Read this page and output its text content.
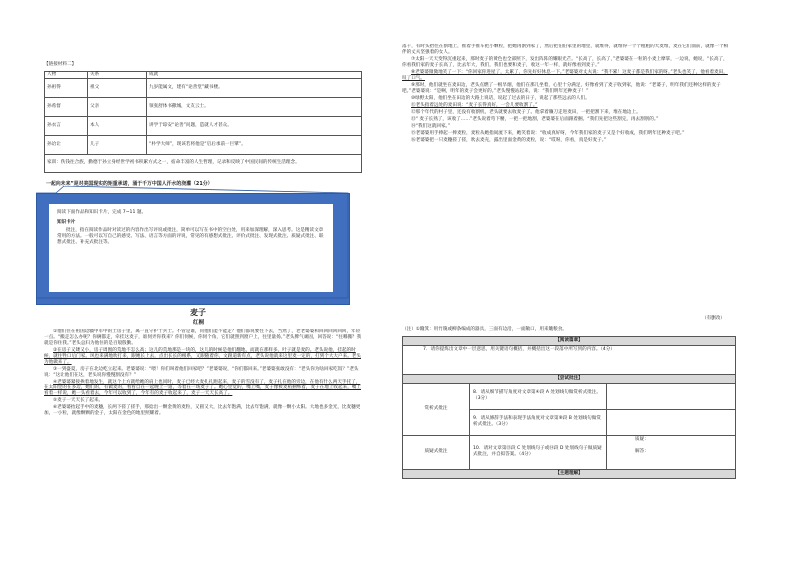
【链接材料二】
人物	关系	成就
孙祖得	祖父	九岁能属文，建有“论善堂”藏书楼。
孙希督	父亲	领张舒体书撒城，文友云士。
孙衣言	本人	讲学于琼安“论善”问题，造就人才甚众。
孙诒让	儿子	“朴学大师”，现该若将他是“启后承前一巨擘”。
家训：佚钱往合族，勤德于孙立身经世学初书积累方式之一，宿命丰富的人生哲理，记录和反映了中国民间的传统生活理念。		
一起向未来”是对美国现实的矩重承诺，涌于千万中国人汗水的浇灌（21分）

阅读下面作品和知识卡片，完成 7~11 题。

知识卡片

批注，指在阅读作品时对读过的内容作出写评说或批注，简单可以写在书中的空白处，用来加深理解，深入思考。这是精读文章常用的方法。一般可以写自己的感受、写法、语言等方面的评说，常见的有感想式批注、评价式批注、发现式批注、质疑式批注、联想式批注、补充式批注等。

麦子
红桐

①他们住在祖国边疆甲军中的土房子里，离一直守护于兵士。不管是谁，问他们能不能走？他们都说要往下去，当然了，老老婆婆和回回回回回回，年轻一点。“搬走怎么办呢？你俩都走，牵挂这麦子，谁伺弄你我来？你们伺候，你伺个角，它们就照到窗户上，往里量扬。”老头脾气顽固，回答说：“往哪搬？我就是你住我。”老头总归为他住的是百般殷勤。

②在房子又矮又小，房子周围的荒地不怎么高；这儿的荒地那是一块的，这儿的时候是他们翻地，而就在那样多。叶子就是麦的。老头说他，挂起的时候，就往牲口后门家。风也来满地吹打来，跟她长上去，点出长长的根系，又跟随着你，文跟道新有点，老头说他就来这里麦一定的，打到个大大户来。老头为他做来了。

③一到盛夏，房子在北边屹立起来。老婆婆说：“喂！你们叫着他们回家吧？”老婆婆说，“你们都回来。”老婆婆张敢没有：“老头你为啥回家吃饭？”老头说：“这让他们在这，老头说你慢慢割没有？”

④老婆婆紧接挨着地发生，就这个上方就给她的肩上也同时，麦子已经大麦扎扎跑起来，麦子的雪没有了，麦子扎在他的旁边，在他有什么两天手托了，在太阳里的在多边，她们的，有做麦的，看看自在一起晚上一道，等着在一场麦子了。她心里觉的，嘴上嘴，麦子像被麦稻捆绑着，麦子在地上收起来，嘴上看着一样说，她一头看着去，今年可以收到了，今年有的麦子收起来了，麦子一天天长高了。

⑤麦子一天天长了起来。

⑥老婆婆抬起手中的麦穗，长两下搓了搓手，那捻出一颗金黄的麦粒，又圆又大，比去年饱满，比去年饱满，就像一颗小太阳。大地也多金光，比麦穗更加，一小粒，就像颗颗的金子，太阳在金色的地里照耀着。

落干，有时头抬往在割地上，推着手推车把小颗粒，把她再割到家了，然后把伯伯家里的地里，就堆得，就堆得一个个粗粗的大麦堆，麦在它们面前，就像一个相伴的丈夫坚强着的女人。

⑦太阳一天天变得沉重起来，那时麦子的黄色也全部照下，发出阵阵的耀眼光芒。“长高了，长高了，”老婆婆在一粒的小麦上摩挲，一边说，她说，“长高了，你看我们家的麦子长高了，比去年大，我们，我们也要和麦子，收这一年一样，就好像看到麦子。”

⑧老婆婆微微地笑了一下：“你回家你进屋了，太累了，你先好好休息一下。”老婆婆对丈夫说：“我不累！这麦子都是我们家的呀。”老头也笑了，他看着麦田，叹了口气。

⑨那时，他们就坐在麦田边，老头点燃了一根旱烟，他们在那儿坐着，心里十分满足，好像看到了麦子收到家，他说：“老婆子，明年我们还种这样的麦子吧。”老婆婆说：“是啊，明年的麦子会更好的。”老头慢慢站起来，说：“我们明年还种麦子！”

⑩绿野太阳，他们坐在田边的大路上说话，说起了过去的日子，说起了那些远去的人们。

⑪老头指着远处的麦田说：“麦子长得真好，一会儿要收割了。”

⑫那个年代的村子里，还没有收割机，老头就要去收麦子了。他拿着镰刀走进麦田，一把把割下来，堆在地边上。

⑬“ 麦子长熟了，该收了……”老头说着弯下腰，一把一把地割，老婆婆在后面跟着捆。“我们先把这些割完，再去割别的。”

⑭“我们这就回家。”

⑮老婆婆用手捧起一捧麦粒，麦粒从她指间流下来，她笑着说：“收成真好呀，今年我们家的麦子又是个好收成，我们明年还种麦子吧。”

⑯老婆婆把一只麦穗搓了搓，吹去麦壳，露出里面金黄的麦粒，说：“哎呀，你看，真是好麦子。”

（有删改）
（注）①簸箕：用竹篾或柳条编成的器具，三面有边沿，一面敞口，用来簸粮食。
【阅读篇章】		
7．请你提炼出文章中一层意思，用关键语句概括，并概括出这一段落中所写到的内容。（4分）		
【尝试批注】		
赏析式批注	8．请从细节描写角度对文章第④段 A 处划线句做赏析式批注。（3分）	
	9．请从修辞手法和表现手法角度对文章第⑧段 B 处划线句做赏析式批注。（3分）	
质疑式批注	10．请对文章第⑬段 C 处划线句子或⑭段 D 处划线句子做质疑式批注，并自拟答案。（4分）	质疑：
解答：

【主题理解】		
